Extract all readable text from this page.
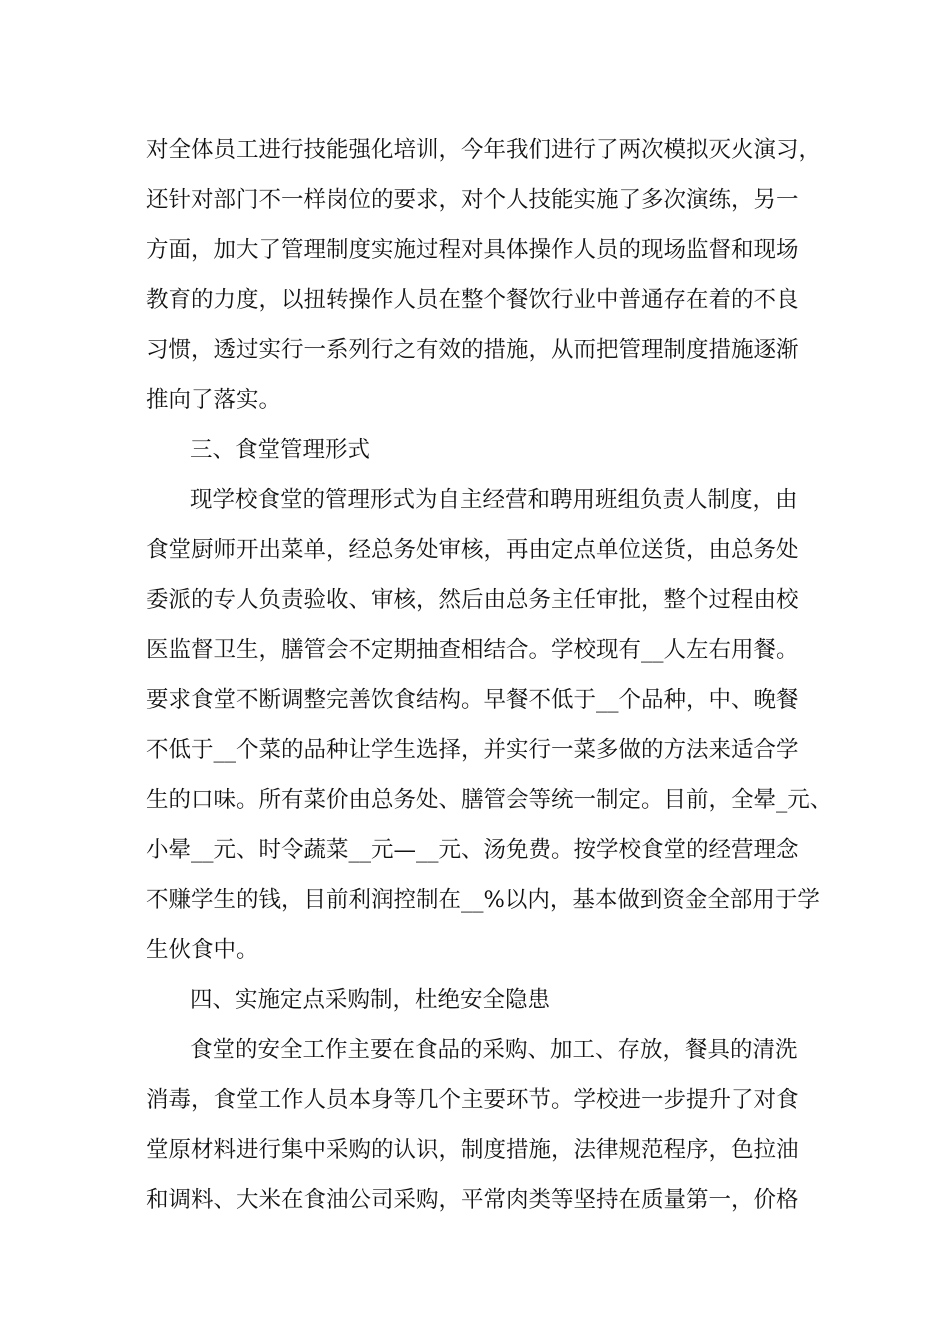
对全体员工进行技能强化培训，今年我们进行了两次模拟灭火演习，
还针对部门不一样岗位的要求，对个人技能实施了多次演练，另一
方面，加大了管理制度实施过程对具体操作人员的现场监督和现场
教育的力度，以扭转操作人员在整个餐饮行业中普通存在着的不良
习惯，透过实行一系列行之有效的措施，从而把管理制度措施逐渐
推向了落实。
三、食堂管理形式
现学校食堂的管理形式为自主经营和聘用班组负责人制度，由
食堂厨师开出菜单，经总务处审核，再由定点单位送货，由总务处
委派的专人负责验收、审核，然后由总务主任审批，整个过程由校
医监督卫生，膳管会不定期抽查相结合。学校现有__人左右用餐。
要求食堂不断调整完善饮食结构。早餐不低于__个品种，中、晚餐
不低于__个菜的品种让学生选择，并实行一菜多做的方法来适合学
生的口味。所有菜价由总务处、膳管会等统一制定。目前，全晕_元、
小晕__元、时令蔬菜__元—__元、汤免费。按学校食堂的经营理念
不赚学生的钱，目前利润控制在__%以内，基本做到资金全部用于学
生伙食中。
四、实施定点采购制，杜绝安全隐患
食堂的安全工作主要在食品的采购、加工、存放，餐具的清洗
消毒，食堂工作人员本身等几个主要环节。学校进一步提升了对食
堂原材料进行集中采购的认识，制度措施，法律规范程序，色拉油
和调料、大米在食油公司采购，平常肉类等坚持在质量第一，价格
